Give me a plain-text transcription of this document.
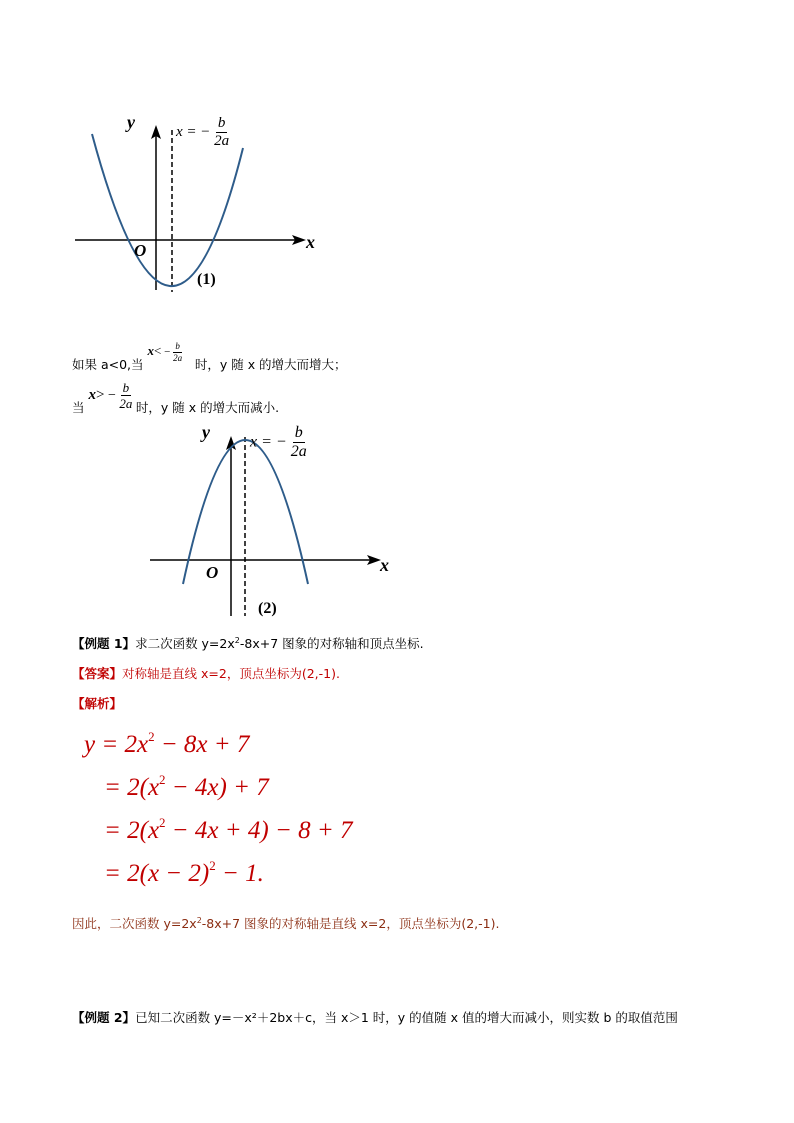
y
x
O
(1)
x = − $\frac{b}{2a}$
如果 a<0,当 $x< - \frac{b}{2a}$
时，y 随 x 的增大而增大；
当 $x> - \frac{b}{2a}$ 时，y 随 x 的增大而减小.
y
x
O
(2)
x = − $\frac{b}{2a}$
【例题 1】求二次函数 $y=2x^2-8x+7$ 图象的对称轴和顶点坐标.
【答案】对称轴是直线 x=2，顶点坐标为(2,-1).
【解析】
$y = 2x^2 - 8x + 7$
= $2(x^2 - 4x) + 7$
= $2(x^2 - 4x + 4) - 8 + 7$
= $2(x - 2)^2 - 1$.
因此，二次函数 $y=2x^2-8x+7$ 图象的对称轴是直线 x=2，顶点坐标为(2,-1).
【例题 2】已知二次函数 y=－x²＋2bx＋c，当 x＞1 时，y 的值随 x 值的增大而减小，则实数 b 的取值范围
